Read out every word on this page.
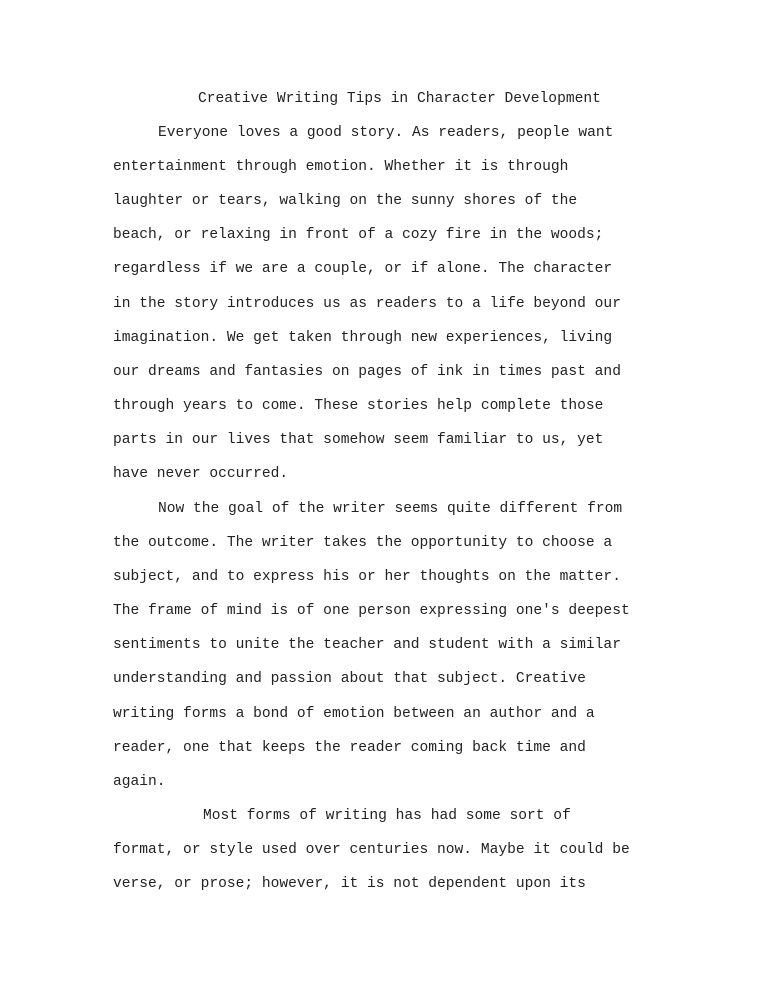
Creative Writing Tips in Character Development
Everyone loves a good story. As readers, people want
entertainment through emotion. Whether it is through
laughter or tears, walking on the sunny shores of the
beach, or relaxing in front of a cozy fire in the woods;
regardless if we are a couple, or if alone. The character
in the story introduces us as readers to a life beyond our
imagination. We get taken through new experiences, living
our dreams and fantasies on pages of ink in times past and
through years to come. These stories help complete those
parts in our lives that somehow seem familiar to us, yet
have never occurred.
Now the goal of the writer seems quite different from
the outcome. The writer takes the opportunity to choose a
subject, and to express his or her thoughts on the matter.
The frame of mind is of one person expressing one's deepest
sentiments to unite the teacher and student with a similar
understanding and passion about that subject. Creative
writing forms a bond of emotion between an author and a
reader, one that keeps the reader coming back time and
again.
Most forms of writing has had some sort of
format, or style used over centuries now. Maybe it could be
verse, or prose; however, it is not dependent upon its
